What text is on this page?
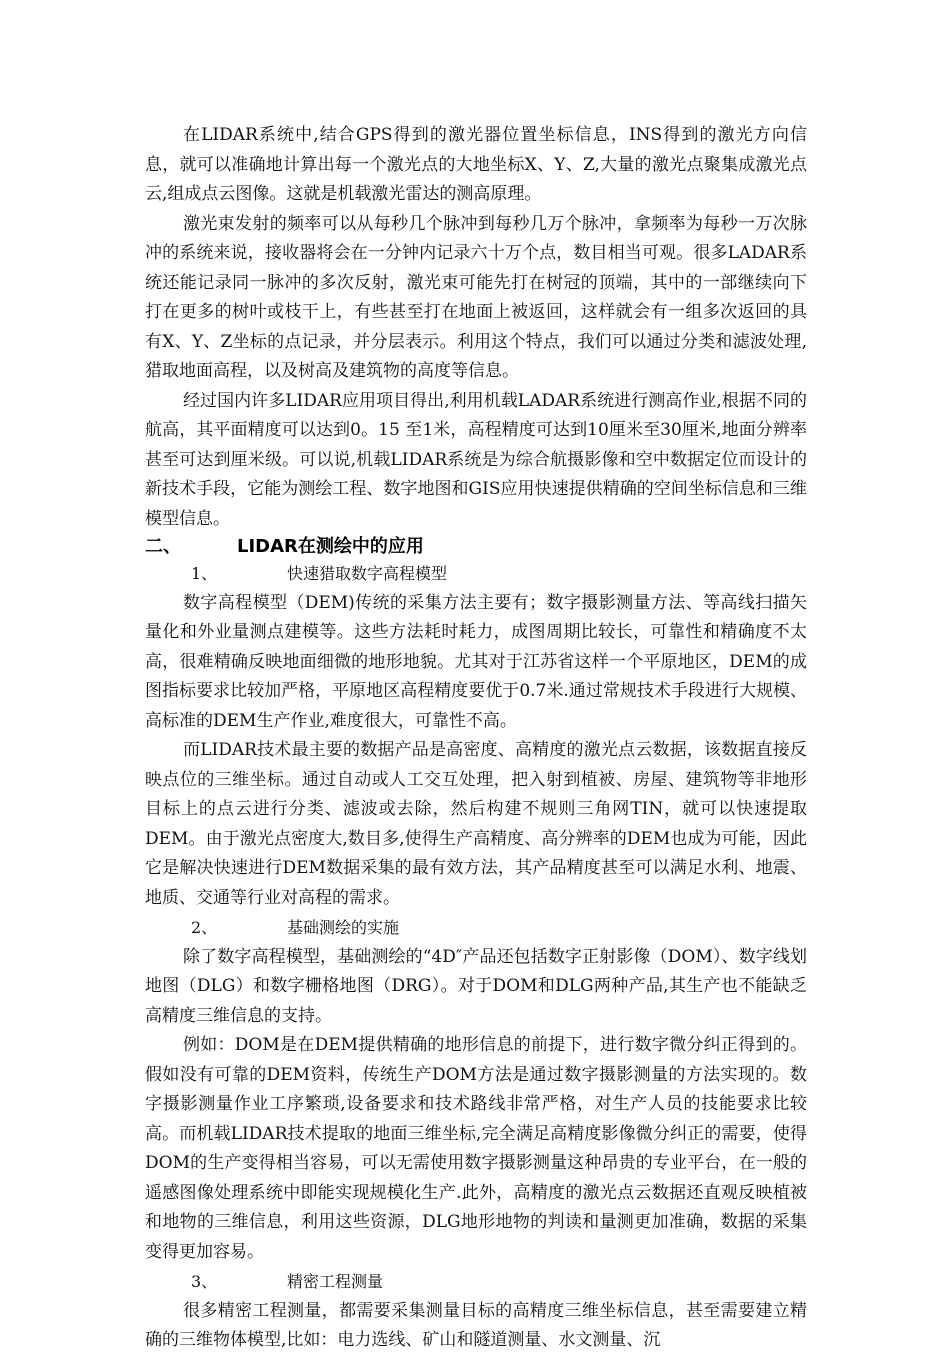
在LIDAR系统中,结合GPS得到的激光器位置坐标信息，INS得到的激光方向信息，就可以准确地计算出每一个激光点的大地坐标X、Y、Z,大量的激光点聚集成激光点云,组成点云图像。这就是机载激光雷达的测高原理。

激光束发射的频率可以从每秒几个脉冲到每秒几万个脉冲，拿频率为每秒一万次脉冲的系统来说，接收器将会在一分钟内记录六十万个点，数目相当可观。很多LADAR系统还能记录同一脉冲的多次反射，激光束可能先打在树冠的顶端，其中的一部继续向下打在更多的树叶或枝干上，有些甚至打在地面上被返回，这样就会有一组多次返回的具有X、Y、Z坐标的点记录，并分层表示。利用这个特点，我们可以通过分类和滤波处理,猎取地面高程，以及树高及建筑物的高度等信息。

经过国内许多LIDAR应用项目得出,利用机载LADAR系统进行测高作业,根据不同的航高，其平面精度可以达到0。15 至1米，高程精度可达到10厘米至30厘米,地面分辨率甚至可达到厘米级。可以说,机载LIDAR系统是为综合航摄影像和空中数据定位而设计的新技术手段，它能为测绘工程、数字地图和GIS应用快速提供精确的空间坐标信息和三维模型信息。

二、	LIDAR在测绘中的应用
1、	快速猎取数字高程模型

数字高程模型（DEM)传统的采集方法主要有；数字摄影测量方法、等高线扫描矢量化和外业量测点建模等。这些方法耗时耗力，成图周期比较长，可靠性和精确度不太高，很难精确反映地面细微的地形地貌。尤其对于江苏省这样一个平原地区，DEM的成图指标要求比较加严格，平原地区高程精度要优于0.7米.通过常规技术手段进行大规模、高标准的DEM生产作业,难度很大，可靠性不高。

而LIDAR技术最主要的数据产品是高密度、高精度的激光点云数据，该数据直接反映点位的三维坐标。通过自动或人工交互处理，把入射到植被、房屋、建筑物等非地形目标上的点云进行分类、滤波或去除，然后构建不规则三角网TIN，就可以快速提取DEM。由于激光点密度大,数目多,使得生产高精度、高分辨率的DEM也成为可能，因此它是解决快速进行DEM数据采集的最有效方法，其产品精度甚至可以满足水利、地震、地质、交通等行业对高程的需求。

2、	基础测绘的实施

除了数字高程模型，基础测绘的“4D″产品还包括数字正射影像（DOM）、数字线划地图（DLG）和数字栅格地图（DRG）。对于DOM和DLG两种产品,其生产也不能缺乏高精度三维信息的支持。

例如：DOM是在DEM提供精确的地形信息的前提下，进行数字微分纠正得到的。假如没有可靠的DEM资料，传统生产DOM方法是通过数字摄影测量的方法实现的。数字摄影测量作业工序繁琐,设备要求和技术路线非常严格，对生产人员的技能要求比较高。而机载LIDAR技术提取的地面三维坐标,完全满足高精度影像微分纠正的需要，使得DOM的生产变得相当容易，可以无需使用数字摄影测量这种昂贵的专业平台，在一般的遥感图像处理系统中即能实现规模化生产.此外，高精度的激光点云数据还直观反映植被和地物的三维信息，利用这些资源，DLG地形地物的判读和量测更加准确，数据的采集变得更加容易。

3、	精密工程测量

很多精密工程测量，都需要采集测量目标的高精度三维坐标信息，甚至需要建立精确的三维物体模型,比如：电力选线、矿山和隧道测量、水文测量、沉
